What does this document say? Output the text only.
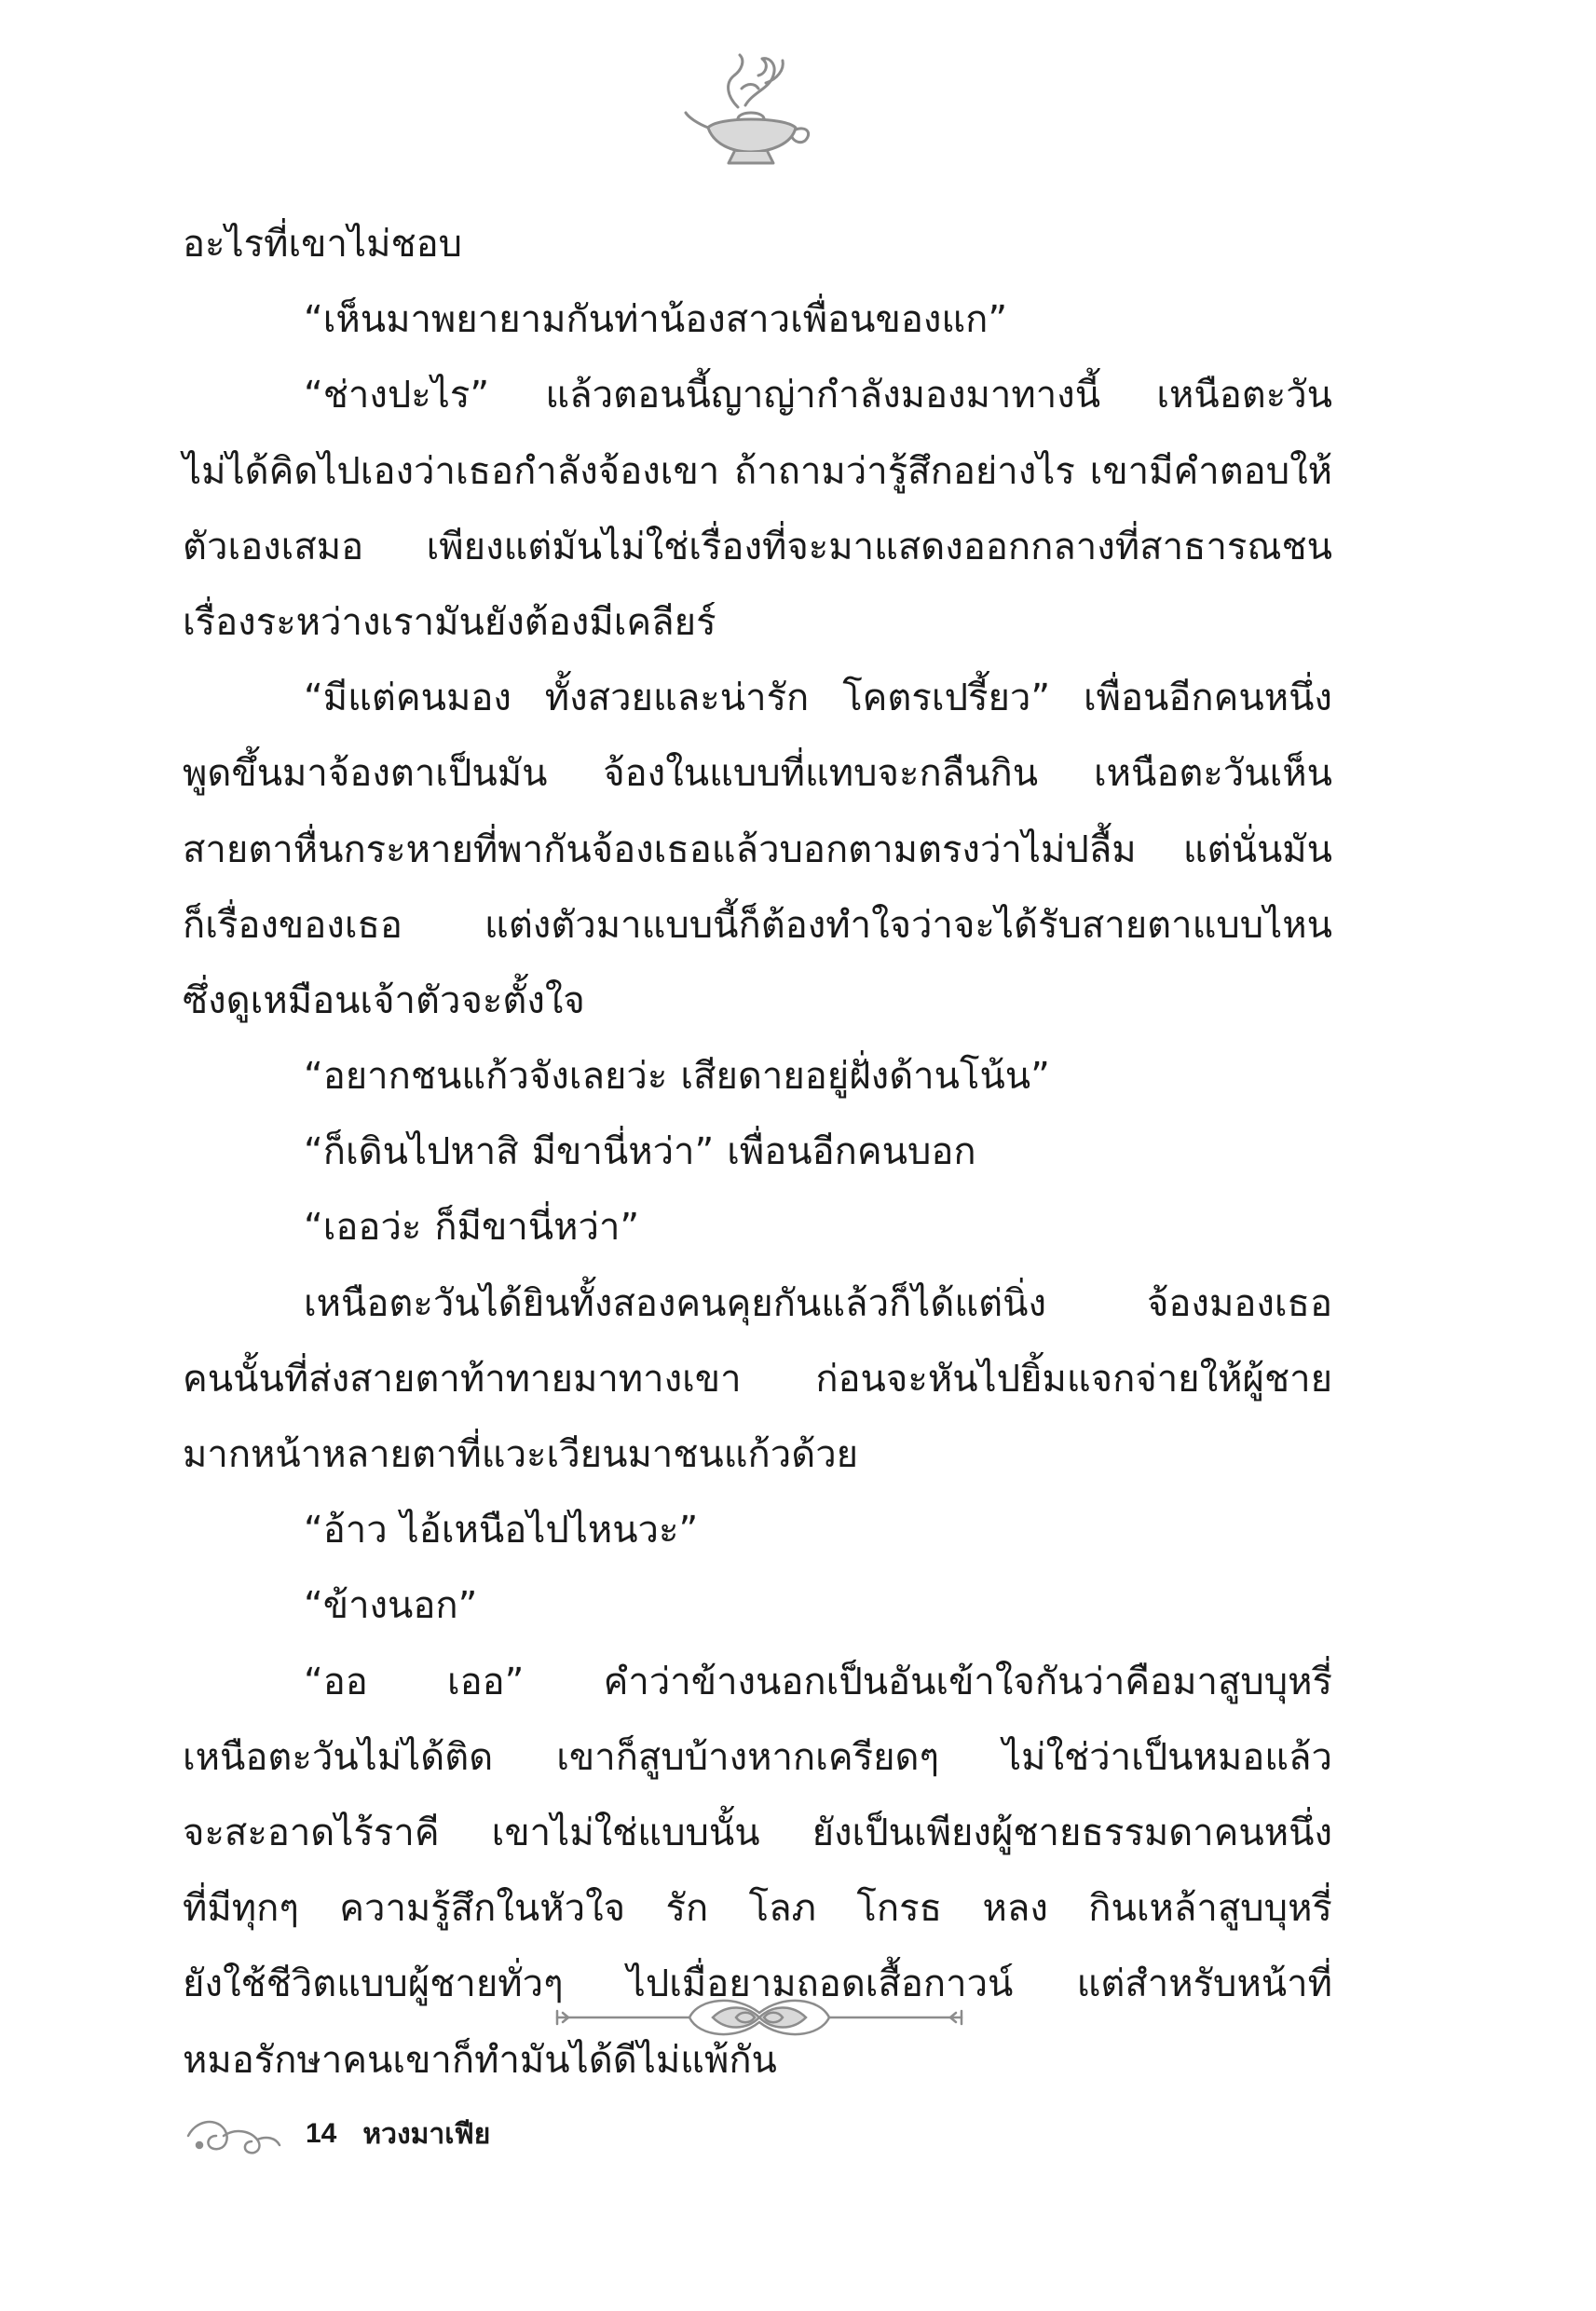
อะไรที่เขาไม่ชอบ
“เห็นมาพยายามกันท่าน้องสาวเพื่อนของแก”
“ช่างปะไร” แล้วตอนนี้ญาญ่ากำลังมองมาทางนี้ เหนือตะวัน
ไม่ได้คิดไปเองว่าเธอกำลังจ้องเขา ถ้าถามว่ารู้สึกอย่างไร เขามีคำตอบให้
ตัวเองเสมอ เพียงแต่มันไม่ใช่เรื่องที่จะมาแสดงออกกลางที่สาธารณชน
เรื่องระหว่างเรามันยังต้องมีเคลียร์
“มีแต่คนมอง ทั้งสวยและน่ารัก โคตรเปรี้ยว” เพื่อนอีกคนหนึ่ง
พูดขึ้นมาจ้องตาเป็นมัน จ้องในแบบที่แทบจะกลืนกิน เหนือตะวันเห็น
สายตาหื่นกระหายที่พากันจ้องเธอแล้วบอกตามตรงว่าไม่ปลื้ม แต่นั่นมัน
ก็เรื่องของเธอ แต่งตัวมาแบบนี้ก็ต้องทำใจว่าจะได้รับสายตาแบบไหน
ซึ่งดูเหมือนเจ้าตัวจะตั้งใจ
“อยากชนแก้วจังเลยว่ะ เสียดายอยู่ฝั่งด้านโน้น”
“ก็เดินไปหาสิ มีขานี่หว่า” เพื่อนอีกคนบอก
“เออว่ะ ก็มีขานี่หว่า”
เหนือตะวันได้ยินทั้งสองคนคุยกันแล้วก็ได้แต่นิ่ง	จ้องมองเธอ
คนนั้นที่ส่งสายตาท้าทายมาทางเขา ก่อนจะหันไปยิ้มแจกจ่ายให้ผู้ชาย
มากหน้าหลายตาที่แวะเวียนมาชนแก้วด้วย
“อ้าว ไอ้เหนือไปไหนวะ”
“ข้างนอก”
“ออ เออ” คำว่าข้างนอกเป็นอันเข้าใจกันว่าคือมาสูบบุหรี่
เหนือตะวันไม่ได้ติด เขาก็สูบบ้างหากเครียดๆ ไม่ใช่ว่าเป็นหมอแล้ว
จะสะอาดไร้ราคี เขาไม่ใช่แบบนั้น ยังเป็นเพียงผู้ชายธรรมดาคนหนึ่ง
ที่มีทุกๆ ความรู้สึกในหัวใจ รัก โลภ โกรธ หลง กินเหล้าสูบบุหรี่
ยังใช้ชีวิตแบบผู้ชายทั่วๆ ไปเมื่อยามถอดเสื้อกาวน์ แต่สำหรับหน้าที่
หมอรักษาคนเขาก็ทำมันได้ดีไม่แพ้กัน
14 หวงมาเฟีย
